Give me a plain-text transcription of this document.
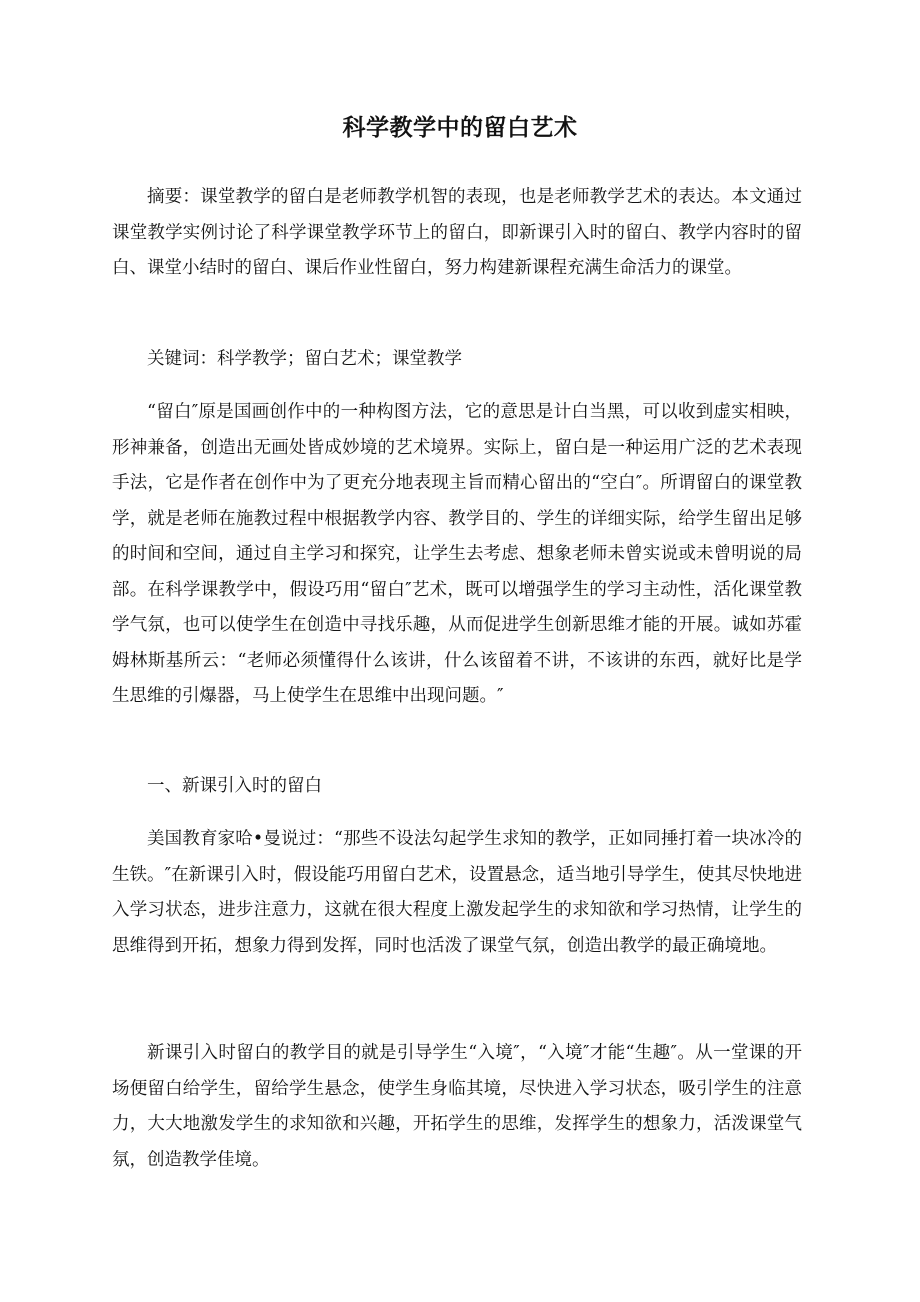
科学教学中的留白艺术

摘要：课堂教学的留白是老师教学机智的表现，也是老师教学艺术的表达。本文通过课堂教学实例讨论了科学课堂教学环节上的留白，即新课引入时的留白、教学内容时的留白、课堂小结时的留白、课后作业性留白，努力构建新课程充满生命活力的课堂。

关键词：科学教学；留白艺术；课堂教学

“留白″原是国画创作中的一种构图方法，它的意思是计白当黑，可以收到虚实相映，形神兼备，创造出无画处皆成妙境的艺术境界。实际上，留白是一种运用广泛的艺术表现手法，它是作者在创作中为了更充分地表现主旨而精心留出的“空白″。所谓留白的课堂教学，就是老师在施教过程中根据教学内容、教学目的、学生的详细实际，给学生留出足够的时间和空间，通过自主学习和探究，让学生去考虑、想象老师未曾实说或未曾明说的局部。在科学课教学中，假设巧用“留白″艺术，既可以增强学生的学习主动性，活化课堂教学气氛，也可以使学生在创造中寻找乐趣，从而促进学生创新思维才能的开展。诚如苏霍姆林斯基所云：“老师必须懂得什么该讲，什么该留着不讲，不该讲的东西，就好比是学生思维的引爆器，马上使学生在思维中出现问题。″

一、新课引入时的留白

美国教育家哈•曼说过：“那些不设法勾起学生求知的教学，正如同捶打着一块冰冷的生铁。″在新课引入时，假设能巧用留白艺术，设置悬念，适当地引导学生，使其尽快地进入学习状态，进步注意力，这就在很大程度上激发起学生的求知欲和学习热情，让学生的思维得到开拓，想象力得到发挥，同时也活泼了课堂气氛，创造出教学的最正确境地。

新课引入时留白的教学目的就是引导学生“入境″，“入境″才能“生趣″。从一堂课的开场便留白给学生，留给学生悬念，使学生身临其境，尽快进入学习状态，吸引学生的注意力，大大地激发学生的求知欲和兴趣，开拓学生的思维，发挥学生的想象力，活泼课堂气氛，创造教学佳境。
